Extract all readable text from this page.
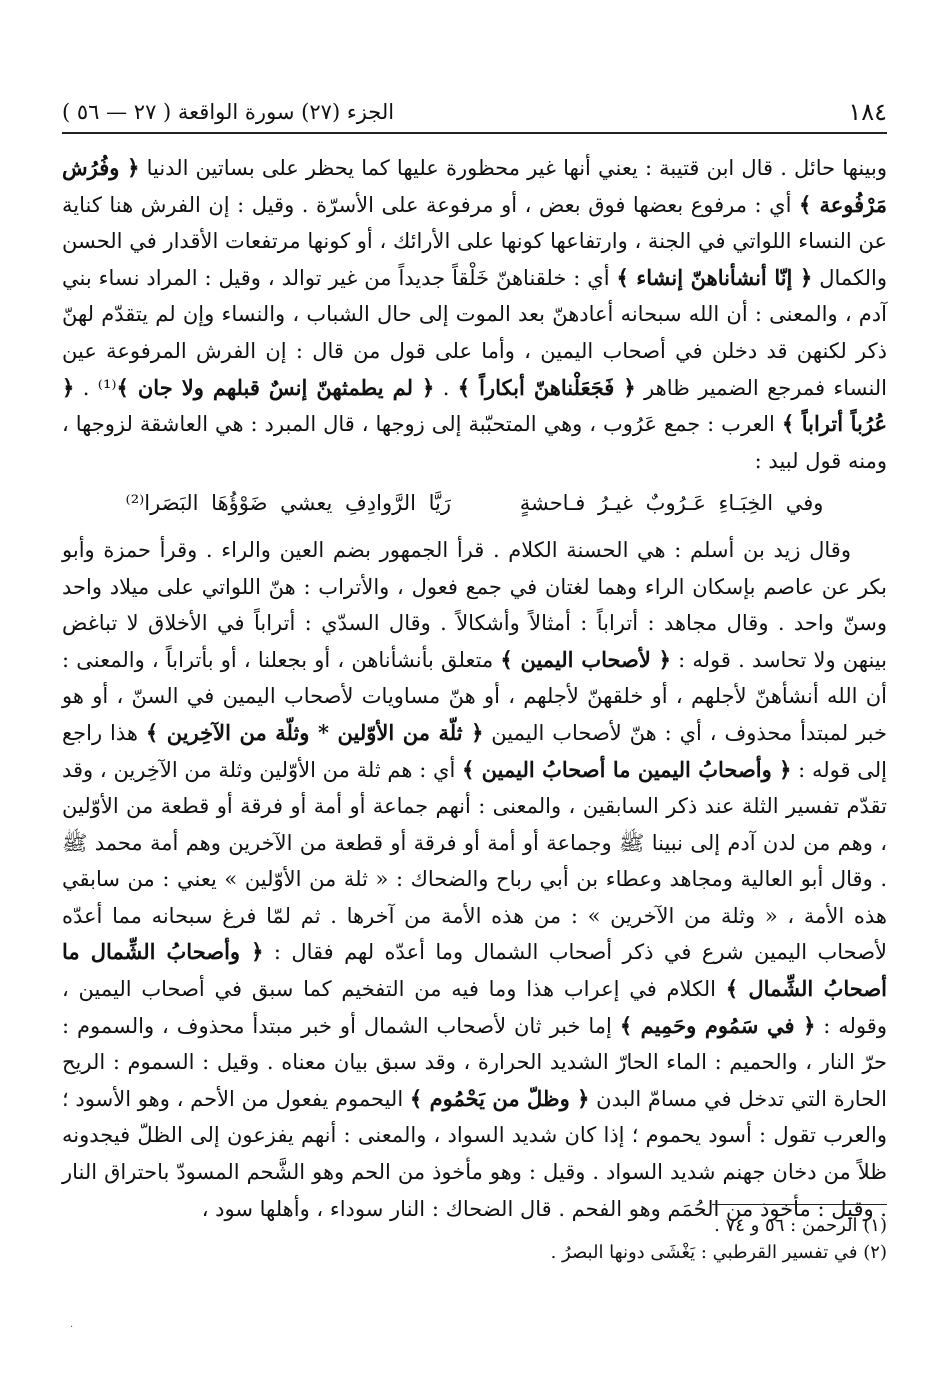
١٨٤
الجزء (٢٧) سورة الواقعة ( ٢٧ — ٥٦ )

وبينها حائل . قال ابن قتيبة : يعني أنها غير محظورة عليها كما يحظر على بساتين الدنيا ﴿ وفُرُش مَرْفُوعة ﴾ أي : مرفوع بعضها فوق بعض ، أو مرفوعة على الأسرّة . وقيل : إن الفرش هنا كناية عن النساء اللواتي في الجنة ، وارتفاعها كونها على الأرائك ، أو كونها مرتفعات الأقدار في الحسن والكمال ﴿ إنّا أنشأناهنّ إنشاء ﴾ أي : خلقناهنّ خَلْقاً جديداً من غير توالد ، وقيل : المراد نساء بني آدم ، والمعنى : أن الله سبحانه أعادهنّ بعد الموت إلى حال الشباب ، والنساء وإن لم يتقدّم لهنّ ذكر لكنهن قد دخلن في أصحاب اليمين ، وأما على قول من قال : إن الفرش المرفوعة عين النساء فمرجع الضمير ظاهر ﴿ فَجَعَلْناهنّ أبكاراً ﴾ . ﴿ لم يطمثهنّ إنسٌ قبلهم ولا جان ﴾⁽¹⁾ . ﴿ عُرُباً أتراباً ﴾ العرب : جمع عَرُوب ، وهي المتحبّبة إلى زوجها ، قال المبرد : هي العاشقة لزوجها ، ومنه قول لبيد :

وفي الخِبَـاءِ عَـرُوبٌ غيـرُ فـاحشةٍ رَيَّا الرَّوادِفِ يعشي ضَوْؤُهَا البَصَرا⁽²⁾

وقال زيد بن أسلم : هي الحسنة الكلام . قرأ الجمهور بضم العين والراء . وقرأ حمزة وأبو بكر عن عاصم بإسكان الراء وهما لغتان في جمع فعول ، والأتراب : هنّ اللواتي على ميلاد واحد وسنّ واحد . وقال مجاهد : أتراباً : أمثالاً وأشكالاً . وقال السدّي : أتراباً في الأخلاق لا تباغض بينهن ولا تحاسد . قوله : ﴿ لأصحاب اليمين ﴾ متعلق بأنشأناهن ، أو بجعلنا ، أو بأتراباً ، والمعنى : أن الله أنشأهنّ لأجلهم ، أو خلقهنّ لأجلهم ، أو هنّ مساويات لأصحاب اليمين في السنّ ، أو هو خبر لمبتدأ محذوف ، أي : هنّ لأصحاب اليمين ﴿ ثلّة من الأوّلين * وثلّة من الآخِرين ﴾ هذا راجع إلى قوله : ﴿ وأصحابُ اليمين ما أصحابُ اليمين ﴾ أي : هم ثلة من الأوّلين وثلة من الآخِرين ، وقد تقدّم تفسير الثلة عند ذكر السابقين ، والمعنى : أنهم جماعة أو أمة أو فرقة أو قطعة من الأوّلين ، وهم من لدن آدم إلى نبينا ﷺ وجماعة أو أمة أو فرقة أو قطعة من الآخرين وهم أمة محمد ﷺ . وقال أبو العالية ومجاهد وعطاء بن أبي رباح والضحاك : « ثلة من الأوّلين » يعني : من سابقي هذه الأمة ، « وثلة من الآخرين » : من هذه الأمة من آخرها . ثم لمّا فرغ سبحانه مما أعدّه لأصحاب اليمين شرع في ذكر أصحاب الشمال وما أعدّه لهم فقال : ﴿ وأصحابُ الشِّمال ما أصحابُ الشِّمال ﴾ الكلام في إعراب هذا وما فيه من التفخيم كما سبق في أصحاب اليمين ، وقوله : ﴿ في سَمُوم وحَمِيم ﴾ إما خبر ثان لأصحاب الشمال أو خبر مبتدأ محذوف ، والسموم : حرّ النار ، والحميم : الماء الحارّ الشديد الحرارة ، وقد سبق بيان معناه . وقيل : السموم : الريح الحارة التي تدخل في مسامّ البدن ﴿ وظلّ من يَحْمُوم ﴾ اليحموم يفعول من الأحم ، وهو الأسود ؛ والعرب تقول : أسود يحموم ؛ إذا كان شديد السواد ، والمعنى : أنهم يفزعون إلى الظلّ فيجدونه ظلاً من دخان جهنم شديد السواد . وقيل : وهو مأخوذ من الحم وهو الشَّحم المسودّ باحتراق النار . وقيل : مأخوذ من الحُمَم وهو الفحم . قال الضحاك : النار سوداء ، وأهلها سود ،

(١) الرحمن : ٥٦ و ٧٤ .

(٢) في تفسير القرطبي : يَغْشَى دونها البصرُ .

·
